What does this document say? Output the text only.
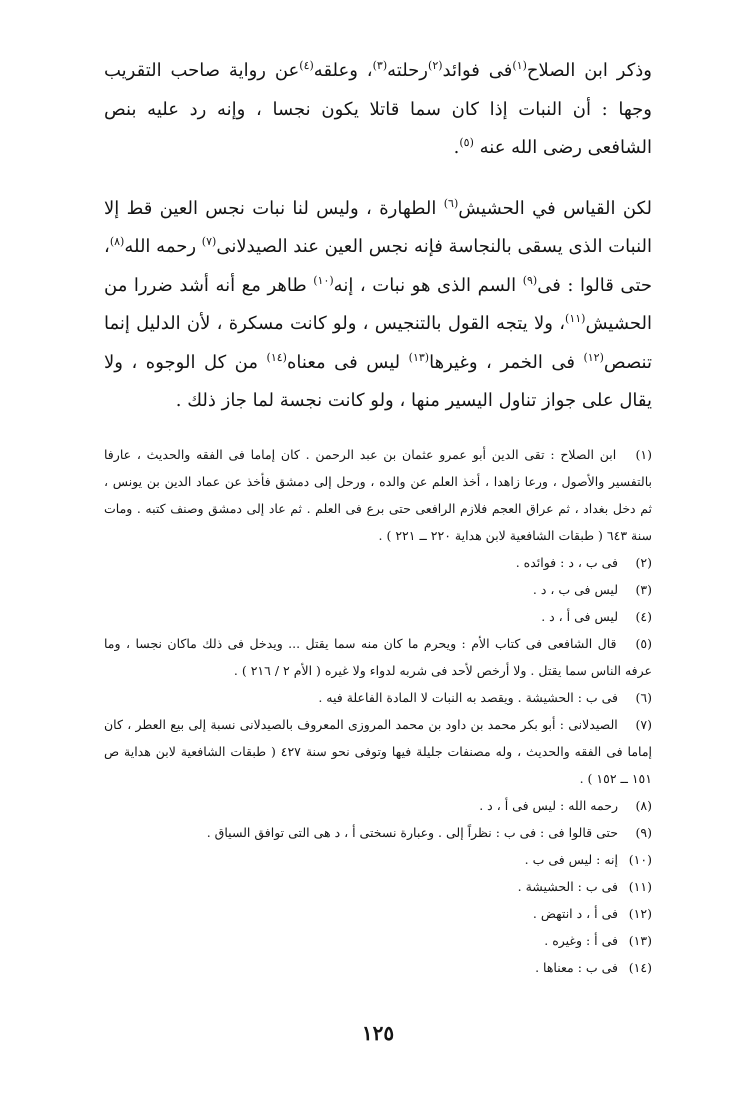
وذكر ابن الصلاح$^{(١)}$فى فوائد$^{(٢)}$رحلته$^{(٣)}$، وعلقه$^{(٤)}$عن رواية صاحب التقريب وجها : أن النبات إذا كان سما قاتلا يكون نجسا ، وإنه رد عليه بنص الشافعى رضى الله عنه $^{(٥)}$.

لكن القياس في الحشيش$^{(٦)}$ الطهارة ، وليس لنا نبات نجس العين قط إلا النبات الذى يسقى بالنجاسة فإنه نجس العين عند الصيدلانى$^{(٧)}$ رحمه الله$^{(٨)}$، حتى قالوا : فى$^{(٩)}$ السم الذى هو نبات ، إنه$^{(١٠)}$ طاهر مع أنه أشد ضررا من الحشيش$^{(١١)}$، ولا يتجه القول بالتنجيس ، ولو كانت مسكرة ، لأن الدليل إنما تنصص$^{(١٢)}$ فى الخمر ، وغيرها$^{(١٣)}$ ليس فى معناه$^{(١٤)}$ من كل الوجوه ، ولا يقال على جواز تناول اليسير منها ، ولو كانت نجسة لما جاز ذلك .

(١) ابن الصلاح : تقى الدين أبو عمرو عثمان بن عبد الرحمن . كان إماما فى الفقه والحديث ، عارفا بالتفسير والأصول ، ورعا زاهدا ، أخذ العلم عن والده ، ورحل إلى دمشق فأخذ عن عماد الدين بن يونس ، ثم دخل بغداد ، ثم عراق العجم فلازم الرافعى حتى برع فى العلم . ثم عاد إلى دمشق وصنف كتبه . ومات سنة ٦٤٣ ( طبقات الشافعية لابن هداية ٢٢٠ ــ ٢٢١ ) .
(٢) فى ب ، د : فوائده .
(٣) ليس فى ب ، د .
(٤) ليس فى أ ، د .
(٥) قال الشافعى فى كتاب الأم : ويحرم ما كان منه سما يقتل ... ويدخل فى ذلك ماكان نجسا ، وما عرفه الناس سما يقتل . ولا أرخص لأحد فى شربه لدواء ولا غيره ( الأم ٢ / ٢١٦ ) .
(٦) فى ب : الحشيشة . ويقصد به النبات لا المادة الفاعلة فيه .
(٧) الصيدلانى : أبو بكر محمد بن داود بن محمد المروزى المعروف بالصيدلانى نسبة إلى بيع العطر ، كان إماما فى الفقه والحديث ، وله مصنفات جليلة فيها وتوفى نحو سنة ٤٢٧ ( طبقات الشافعية لابن هداية ص ١٥١ ــ ١٥٢ ) .
(٨) رحمه الله : ليس فى أ ، د .
(٩) حتى قالوا فى : فى ب : نظراً إلى . وعبارة نسختى أ ، د هى التى توافق السياق .
(١٠) إنه : ليس فى ب .
(١١) فى ب : الحشيشة .
(١٢) فى أ ، د انتهض .
(١٣) فى أ : وغيره .
(١٤) فى ب : معناها .
١٢٥
